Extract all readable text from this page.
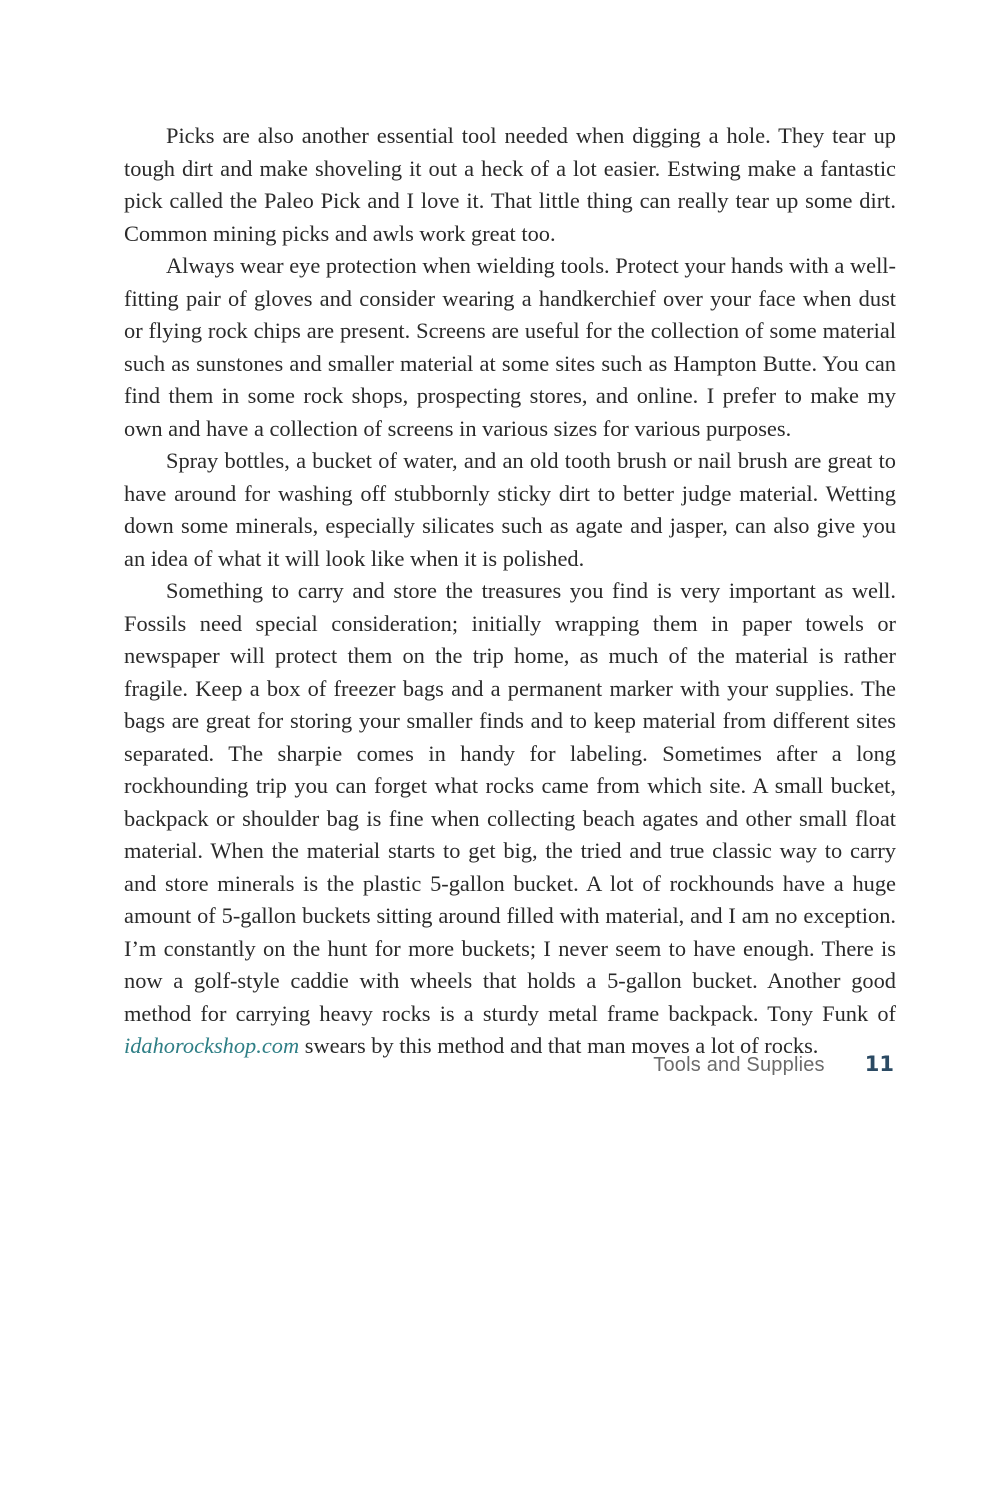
Picks are also another essential tool needed when digging a hole. They tear up tough dirt and make shoveling it out a heck of a lot easier. Estwing make a fantastic pick called the Paleo Pick and I love it. That little thing can really tear up some dirt. Common mining picks and awls work great too.

Always wear eye protection when wielding tools. Protect your hands with a well-fitting pair of gloves and consider wearing a handkerchief over your face when dust or flying rock chips are present. Screens are useful for the collection of some material such as sunstones and smaller material at some sites such as Hampton Butte. You can find them in some rock shops, prospecting stores, and online. I prefer to make my own and have a collection of screens in various sizes for various purposes.

Spray bottles, a bucket of water, and an old tooth brush or nail brush are great to have around for washing off stubbornly sticky dirt to better judge material. Wetting down some minerals, especially silicates such as agate and jasper, can also give you an idea of what it will look like when it is polished.

Something to carry and store the treasures you find is very important as well. Fossils need special consideration; initially wrapping them in paper towels or newspaper will protect them on the trip home, as much of the material is rather fragile. Keep a box of freezer bags and a permanent marker with your supplies. The bags are great for storing your smaller finds and to keep material from different sites separated. The sharpie comes in handy for labeling. Sometimes after a long rockhounding trip you can forget what rocks came from which site. A small bucket, backpack or shoulder bag is fine when collecting beach agates and other small float material. When the material starts to get big, the tried and true classic way to carry and store minerals is the plastic 5-gallon bucket. A lot of rockhounds have a huge amount of 5-gallon buckets sitting around filled with material, and I am no exception. I’m constantly on the hunt for more buckets; I never seem to have enough. There is now a golf-style caddie with wheels that holds a 5-gallon bucket. Another good method for carrying heavy rocks is a sturdy metal frame backpack. Tony Funk of idahorockshop.com swears by this method and that man moves a lot of rocks.

Tools and Supplies 11
